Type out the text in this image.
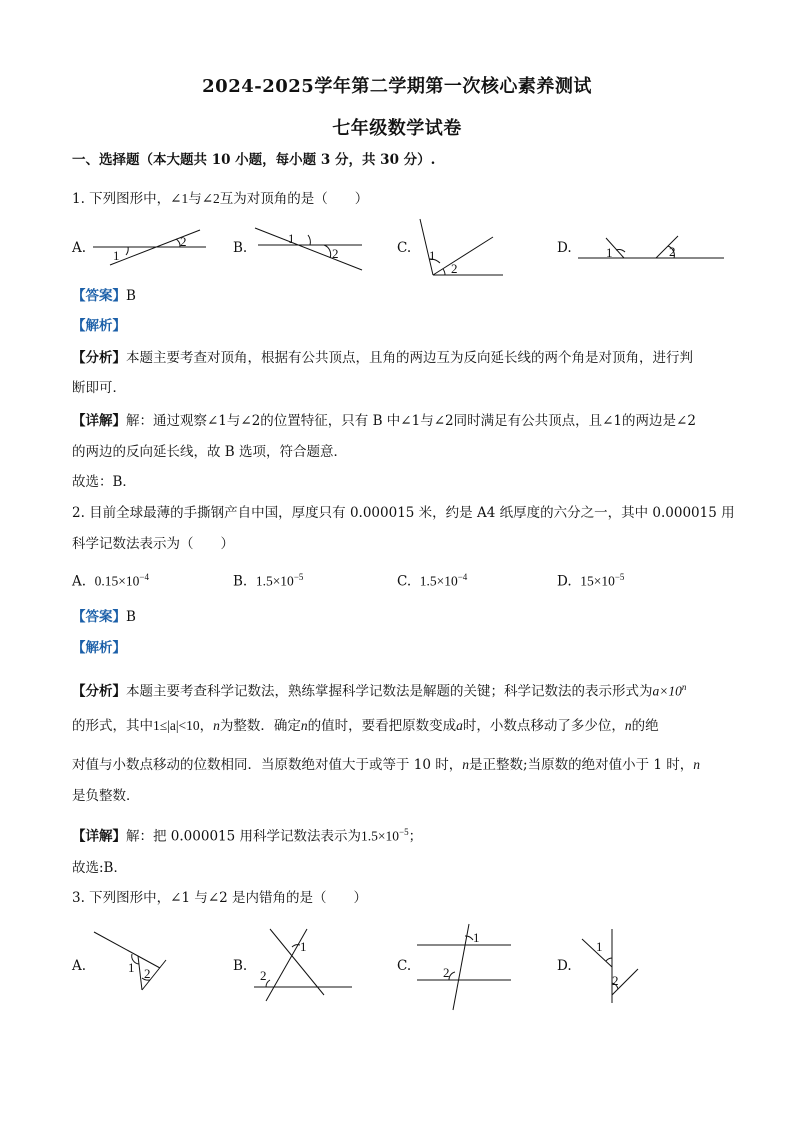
2024-2025学年第二学期第一次核心素养测试
七年级数学试卷
一、选择题（本大题共 10 小题，每小题 3 分，共 30 分）.
1. 下列图形中，∠1与∠2互为对顶角的是（　　）
A. 1
2	B.
1
2	C. 1
2
D.	1	2
【答案】B
【解析】
【分析】本题主要考查对顶角，根据有公共顶点，且角的两边互为反向延长线的两个角是对顶角，进行判
断即可．
【详解】解：通过观察∠1与∠2的位置特征，只有 B 中∠1与∠2同时满足有公共顶点，且∠1的两边是∠2
的两边的反向延长线，故 B 选项，符合题意．
故选：B．
2. 目前全球最薄的手撕钢产自中国，厚度只有 0.000015 米，约是 A4 纸厚度的六分之一，其中 0.000015 用
科学记数法表示为（　　）
A. $0.15\times 10^{-4}$	B. $1.5\times 10^{-5}$	C. $1.5\times 10^{-4}$	D. $15\times 10^{-5}$
【答案】B
【解析】
【分析】本题主要考查科学记数法，熟练掌握科学记数法是解题的关键；科学记数法的表示形式为$a\times 10^n$
的形式，其中1≤|a|<10，n为整数．确定n的值时，要看把原数变成a时，小数点移动了多少位，n的绝
对值与小数点移动的位数相同．当原数绝对值大于或等于 10 时，n是正整数;当原数的绝对值小于 1 时，n
是负整数．
【详解】解：把 0.000015 用科学记数法表示为$1.5\times 10^{-5}$；
故选:B．
3. 下列图形中，∠1 与∠2 是内错角的是（　　）
A.	1 2	B.
1
2
C.
1
2	D.
1
2
